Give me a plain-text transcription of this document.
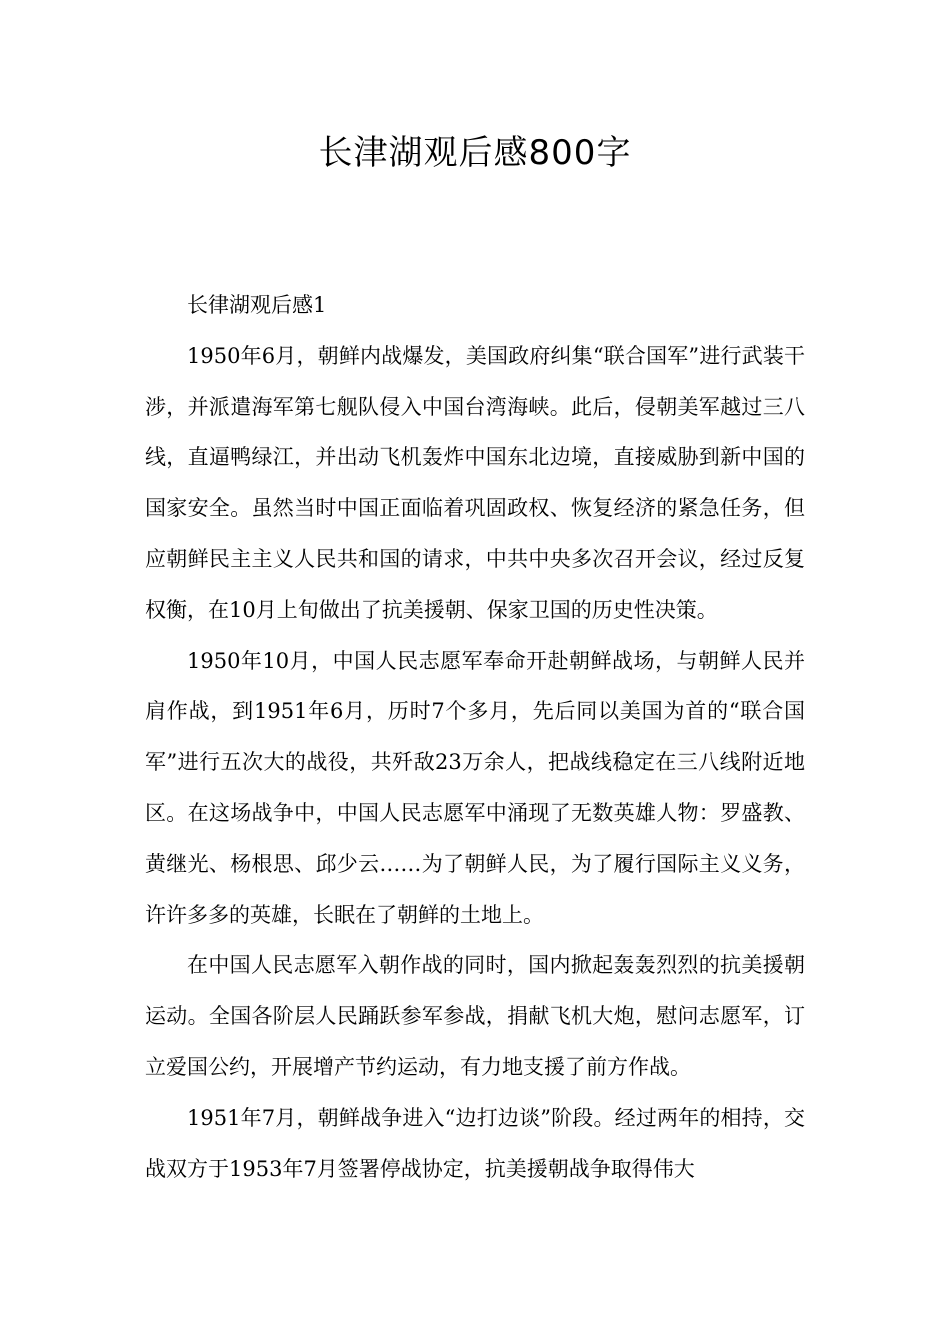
长津湖观后感800字

长律湖观后感1

1950年6月，朝鲜内战爆发，美国政府纠集“联合国军”进行武装干涉，并派遣海军第七舰队侵入中国台湾海峡。此后，侵朝美军越过三八线，直逼鸭绿江，并出动飞机轰炸中国东北边境，直接威胁到新中国的国家安全。虽然当时中国正面临着巩固政权、恢复经济的紧急任务，但应朝鲜民主主义人民共和国的请求，中共中央多次召开会议，经过反复权衡，在10月上旬做出了抗美援朝、保家卫国的历史性决策。

1950年10月，中国人民志愿军奉命开赴朝鲜战场，与朝鲜人民并肩作战，到1951年6月，历时7个多月，先后同以美国为首的“联合国军”进行五次大的战役，共歼敌23万余人，把战线稳定在三八线附近地区。在这场战争中，中国人民志愿军中涌现了无数英雄人物：罗盛教、黄继光、杨根思、邱少云……为了朝鲜人民，为了履行国际主义义务，许许多多的英雄，长眠在了朝鲜的土地上。

在中国人民志愿军入朝作战的同时，国内掀起轰轰烈烈的抗美援朝运动。全国各阶层人民踊跃参军参战，捐献飞机大炮，慰问志愿军，订立爱国公约，开展增产节约运动，有力地支援了前方作战。

1951年7月，朝鲜战争进入“边打边谈”阶段。经过两年的相持，交战双方于1953年7月签署停战协定，抗美援朝战争取得伟大
